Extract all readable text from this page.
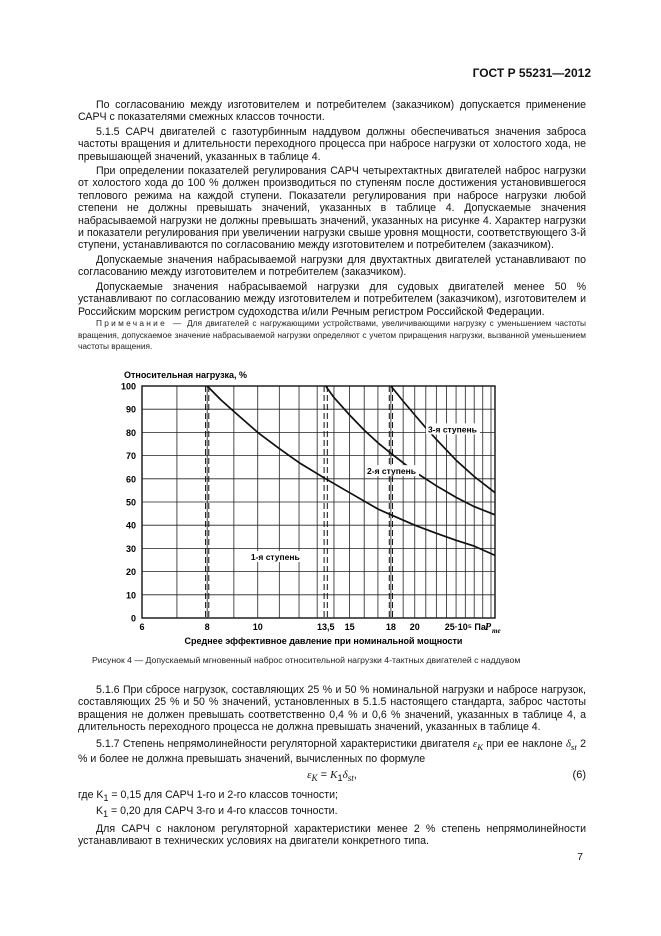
ГОСТ Р 55231—2012

По согласованию между изготовителем и потребителем (заказчиком) допускается применение САРЧ с показателями смежных классов точности.

5.1.5 САРЧ двигателей с газотурбинным наддувом должны обеспечиваться значения заброса частоты вращения и длительности переходного процесса при набросе нагрузки от холостого хода, не превышающей значений, указанных в таблице 4.

При определении показателей регулирования САРЧ четырехтактных двигателей наброс нагрузки от холостого хода до 100 % должен производиться по ступеням после достижения установившегося теплового режима на каждой ступени. Показатели регулирования при набросе нагрузки любой степени не должны превышать значений, указанных в таблице 4. Допускаемые значения набрасываемой нагрузки не должны превышать значений, указанных на рисунке 4. Характер нагрузки и показатели регулирования при увеличении нагрузки свыше уровня мощности, соответствующего 3-й ступени, устанавливаются по согласованию между изготовителем и потребителем (заказчиком).

Допускаемые значения набрасываемой нагрузки для двухтактных двигателей устанавливают по согласованию между изготовителем и потребителем (заказчиком).

Допускаемые значения набрасываемой нагрузки для судовых двигателей менее 50 % устанавливают по согласованию между изготовителем и потребителем (заказчиком), изготовителем и Российским морским регистром судоходства и/или Речным регистром Российской Федерации.

Примечание — Для двигателей с нагружающими устройствами, увеличивающими нагрузку с уменьшением частоты вращения, допускаемое значение набрасываемой нагрузки определяют с учетом приращения нагрузки, вызванной уменьшением частоты вращения.

0
10
20
30
40
50
60
70
80
90
100
6	8	10	13,5 15	18 20	25·10⁵ Па P me
Относительная нагрузка, %
Среднее эффективное давление при номинальной мощности
1-я ступень
2-я ступень
3-я ступень
Рисунок 4 — Допускаемый мгновенный наброс относительной нагрузки 4-тактных двигателей с наддувом

5.1.6 При сбросе нагрузок, составляющих 25 % и 50 % номинальной нагрузки и набросе нагрузок, составляющих 25 % и 50 % значений, установленных в 5.1.5 настоящего стандарта, заброс частоты вращения не должен превышать соответственно 0,4 % и 0,6 % значений, указанных в таблице 4, а длительность переходного процесса не должна превышать значений, указанных в таблице 4.

5.1.7 Степень непрямолинейности регуляторной характеристики двигателя $\varepsilon_K$ при ее наклоне $\delta_{st}$ 2 % и более не должна превышать значений, вычисленных по формуле

$\varepsilon_K = K_1\delta_{st}$,	(6)
где $K_1 = 0,15$ для САРЧ 1-го и 2-го классов точности;
$K_1 = 0,20$ для САРЧ 3-го и 4-го классов точности.

Для САРЧ с наклоном регуляторной характеристики менее 2 % степень непрямолинейности устанавливают в технических условиях на двигатели конкретного типа.

7
